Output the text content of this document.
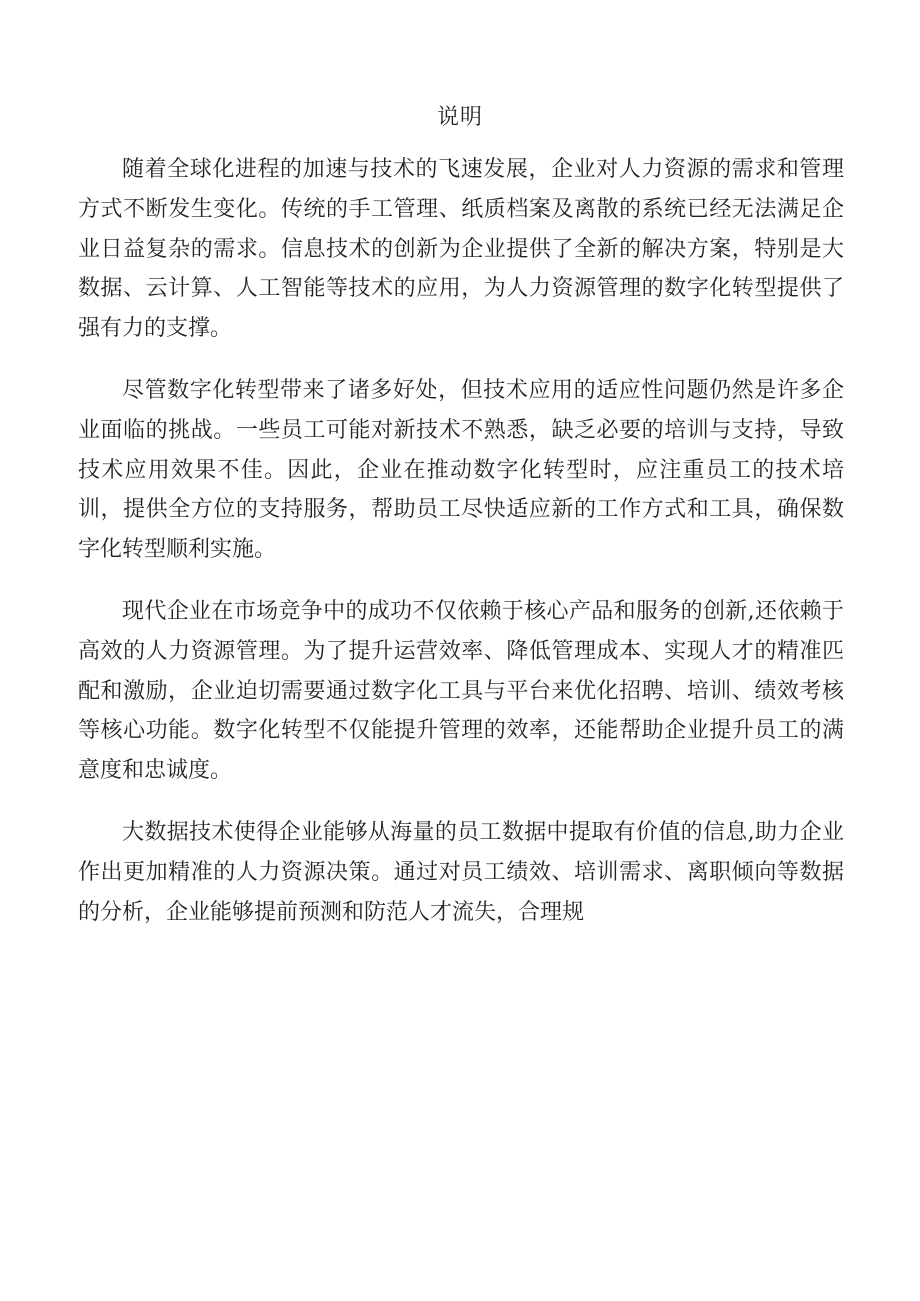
说明

随着全球化进程的加速与技术的飞速发展，企业对人力资源的需求和管理方式不断发生变化。传统的手工管理、纸质档案及离散的系统已经无法满足企业日益复杂的需求。信息技术的创新为企业提供了全新的解决方案，特别是大数据、云计算、人工智能等技术的应用，为人力资源管理的数字化转型提供了强有力的支撑。

尽管数字化转型带来了诸多好处，但技术应用的适应性问题仍然是许多企业面临的挑战。一些员工可能对新技术不熟悉，缺乏必要的培训与支持，导致技术应用效果不佳。因此，企业在推动数字化转型时，应注重员工的技术培训，提供全方位的支持服务，帮助员工尽快适应新的工作方式和工具，确保数字化转型顺利实施。

现代企业在市场竞争中的成功不仅依赖于核心产品和服务的创新,还依赖于高效的人力资源管理。为了提升运营效率、降低管理成本、实现人才的精准匹配和激励，企业迫切需要通过数字化工具与平台来优化招聘、培训、绩效考核等核心功能。数字化转型不仅能提升管理的效率，还能帮助企业提升员工的满意度和忠诚度。

大数据技术使得企业能够从海量的员工数据中提取有价值的信息,助力企业作出更加精准的人力资源决策。通过对员工绩效、培训需求、离职倾向等数据的分析，企业能够提前预测和防范人才流失，合理规
